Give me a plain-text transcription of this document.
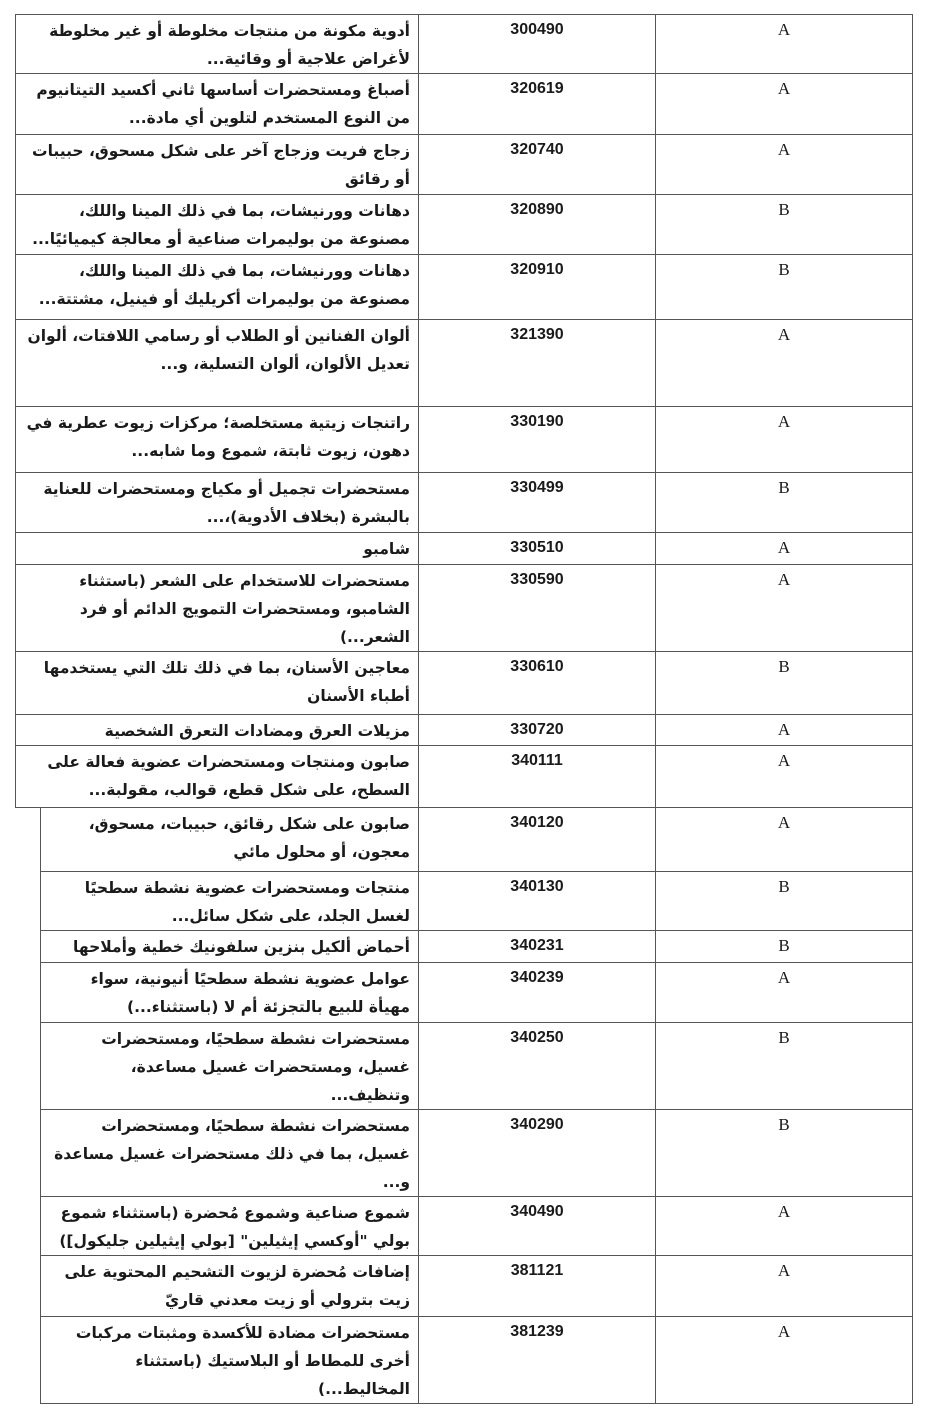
أدوية مكونة من منتجات مخلوطة أو غير مخلوطة لأغراض علاجية أو وقائية...	300490	A
أصباغ ومستحضرات أساسها ثاني أكسيد التيتانيوم من النوع المستخدم لتلوين أي مادة...	320619	A
زجاج فريت وزجاج آخر على شكل مسحوق، حبيبات أو رقائق	320740	A
دهانات وورنيشات، بما في ذلك المينا واللك، مصنوعة من بوليمرات صناعية أو معالجة كيميائيًا...	320890	B
دهانات وورنيشات، بما في ذلك المينا واللك، مصنوعة من بوليمرات أكريليك أو فينيل، مشتتة...	320910	B
ألوان الفنانين أو الطلاب أو رسامي اللافتات، ألوان تعديل الألوان، ألوان التسلية، و...	321390	A
راتنجات زيتية مستخلصة؛ مركزات زيوت عطرية في دهون، زيوت ثابتة، شموع وما شابه...	330190	A
مستحضرات تجميل أو مكياج ومستحضرات للعناية بالبشرة (بخلاف الأدوية)،...	330499	B
شامبو	330510	A
مستحضرات للاستخدام على الشعر (باستثناء الشامبو، ومستحضرات التمويج الدائم أو فرد الشعر...)	330590	A
معاجين الأسنان، بما في ذلك تلك التي يستخدمها أطباء الأسنان	330610	B
مزيلات العرق ومضادات التعرق الشخصية	330720	A
صابون ومنتجات ومستحضرات عضوية فعالة على السطح، على شكل قطع، قوالب، مقولبة...	340111	A
صابون على شكل رقائق، حبيبات، مسحوق، معجون، أو محلول مائي	340120	A
منتجات ومستحضرات عضوية نشطة سطحيًا لغسل الجلد، على شكل سائل...	340130	B
أحماض ألكيل بنزين سلفونيك خطية وأملاحها	340231	B
عوامل عضوية نشطة سطحيًا أنيونية، سواء مهيأة للبيع بالتجزئة أم لا (باستثناء...)	340239	A
مستحضرات نشطة سطحيًا، ومستحضرات غسيل، ومستحضرات غسيل مساعدة، وتنظيف...	340250	B
مستحضرات نشطة سطحيًا، ومستحضرات غسيل، بما في ذلك مستحضرات غسيل مساعدة و...	340290	B
شموع صناعية وشموع مُحضرة (باستثناء شموع بولي "أوكسي إيثيلين" [بولي إيثيلين جليكول])	340490	A
إضافات مُحضرة لزيوت التشحيم المحتوية على زيت بترولي أو زيت معدني قاريّ	381121	A
مستحضرات مضادة للأكسدة ومثبتات مركبات أخرى للمطاط أو البلاستيك (باستثناء المخاليط...)	381239	A
